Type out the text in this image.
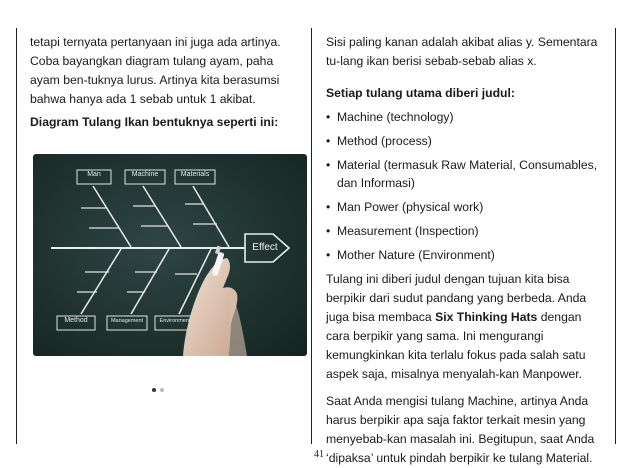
tetapi ternyata pertanyaan ini juga ada artinya. Coba bayangkan diagram tulang ayam, paha ayam ben-tuknya lurus. Artinya kita berasumsi bahwa hanya ada 1 sebab untuk 1 akibat.

Diagram Tulang Ikan bentuknya seperti ini:

Man	Machine	Materials
Method	Management	Environment
Effect

Sisi paling kanan adalah akibat alias y. Sementara tu-lang ikan berisi sebab-sebab alias x.

Setiap tulang utama diberi judul:

• Machine (technology)
• Method (process)
• Material (termasuk Raw Material, Consumables, dan Informasi)
• Man Power (physical work)
• Measurement (Inspection)
• Mother Nature (Environment)

Tulang ini diberi judul dengan tujuan kita bisa berpikir dari sudut pandang yang berbeda. Anda juga bisa membaca Six Thinking Hats dengan cara berpikir yang sama. Ini mengurangi kemungkinkan kita terlalu fokus pada salah satu aspek saja, misalnya menyalah-kan Manpower.

Saat Anda mengisi tulang Machine, artinya Anda harus berpikir apa saja faktor terkait mesin yang menyebab-kan masalah ini. Begitupun, saat Anda ‘dipaksa’ untuk pindah berpikir ke tulang Material.

41
